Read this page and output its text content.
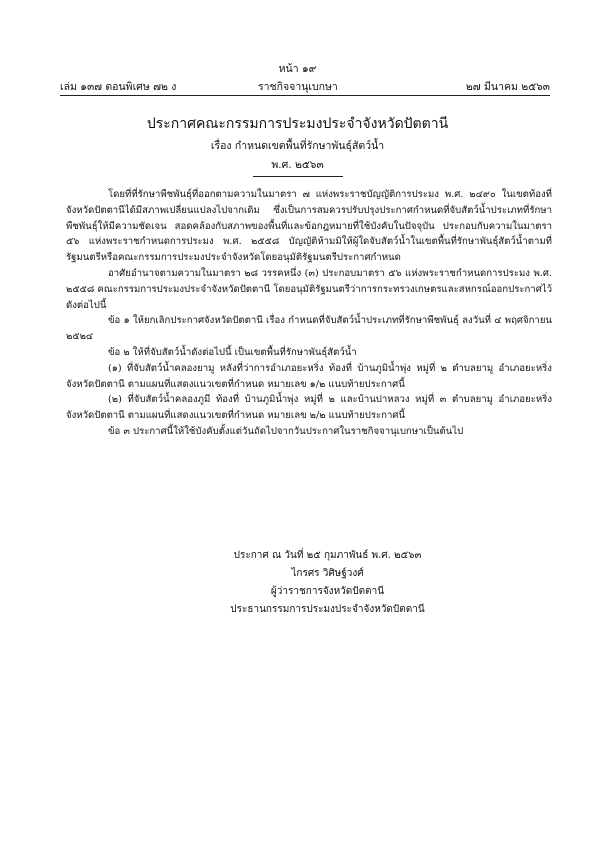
หน้า ๑๙
เล่ม ๑๓๗ ตอนพิเศษ ๗๒ ง	ราชกิจจานุเบกษา	๒๗ มีนาคม ๒๕๖๓
ประกาศคณะกรรมการประมงประจำจังหวัดปัตตานี
เรื่อง กำหนดเขตพื้นที่รักษาพันธุ์สัตว์น้ำ
พ.ศ. ๒๕๖๓

โดยที่ที่รักษาพืชพันธุ์ที่ออกตามความในมาตรา ๗ แห่งพระราชบัญญัติการประมง พ.ศ. ๒๔๙๐ ในเขตท้องที่จังหวัดปัตตานีได้มีสภาพเปลี่ยนแปลงไปจากเดิม ซึ่งเป็นการสมควรปรับปรุงประกาศกำหนดที่จับสัตว์น้ำประเภทที่รักษาพืชพันธุ์ให้มีความชัดเจน สอดคล้องกับสภาพของพื้นที่และข้อกฎหมายที่ใช้บังคับในปัจจุบัน ประกอบกับความในมาตรา ๕๖ แห่งพระราชกำหนดการประมง พ.ศ. ๒๕๕๘ บัญญัติห้ามมิให้ผู้ใดจับสัตว์น้ำในเขตพื้นที่รักษาพันธุ์สัตว์น้ำตามที่รัฐมนตรีหรือคณะกรรมการประมงประจำจังหวัดโดยอนุมัติรัฐมนตรีประกาศกำหนด

อาศัยอำนาจตามความในมาตรา ๒๘ วรรคหนึ่ง (๓) ประกอบมาตรา ๕๖ แห่งพระราชกำหนดการประมง พ.ศ. ๒๕๕๘ คณะกรรมการประมงประจำจังหวัดปัตตานี โดยอนุมัติรัฐมนตรีว่าการกระทรวงเกษตรและสหกรณ์ออกประกาศไว้ ดังต่อไปนี้

ข้อ ๑ ให้ยกเลิกประกาศจังหวัดปัตตานี เรื่อง กำหนดที่จับสัตว์น้ำประเภทที่รักษาพืชพันธุ์ ลงวันที่ ๔ พฤศจิกายน ๒๕๒๔

ข้อ ๒ ให้ที่จับสัตว์น้ำดังต่อไปนี้ เป็นเขตพื้นที่รักษาพันธุ์สัตว์น้ำ

(๑) ที่จับสัตว์น้ำคลองยามู หลังที่ว่าการอำเภอยะหริ่ง ท้องที่ บ้านภูมิน้ำพุ่ง หมู่ที่ ๒ ตำบลยามู อำเภอยะหริ่ง จังหวัดปัตตานี ตามแผนที่แสดงแนวเขตที่กำหนด หมายเลข ๑/๒ แนบท้ายประกาศนี้

(๒) ที่จับสัตว์น้ำคลองภูมี ท้องที่ บ้านภูมิน้ำพุ่ง หมู่ที่ ๒ และบ้านปาหลวง หมู่ที่ ๓ ตำบลยามู อำเภอยะหริ่ง จังหวัดปัตตานี ตามแผนที่แสดงแนวเขตที่กำหนด หมายเลข ๒/๒ แนบท้ายประกาศนี้

ข้อ ๓ ประกาศนี้ให้ใช้บังคับตั้งแต่วันถัดไปจากวันประกาศในราชกิจจานุเบกษาเป็นต้นไป

ประกาศ ณ วันที่ ๒๕ กุมภาพันธ์ พ.ศ. ๒๕๖๓
ไกรศร วิศิษฐ์วงศ์
ผู้ว่าราชการจังหวัดปัตตานี
ประธานกรรมการประมงประจำจังหวัดปัตตานี
